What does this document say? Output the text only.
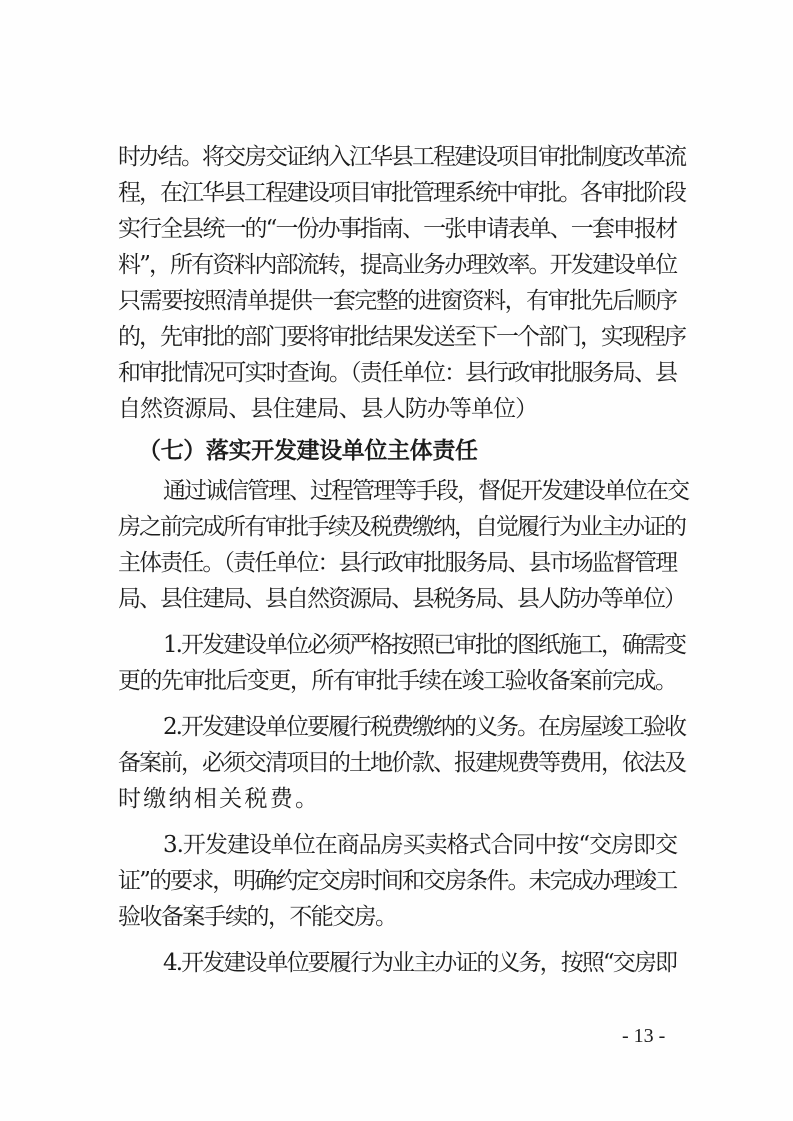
时办结。将交房交证纳入江华县工程建设项目审批制度改革流
程，在江华县工程建设项目审批管理系统中审批。各审批阶段
实行全县统一的“一份办事指南、一张申请表单、一套申报材
料”，所有资料内部流转，提高业务办理效率。开发建设单位
只需要按照清单提供一套完整的进窗资料，有审批先后顺序
的，先审批的部门要将审批结果发送至下一个部门，实现程序
和审批情况可实时查询。（责任单位：县行政审批服务局、县
自然资源局、县住建局、县人防办等单位）
（七）落实开发建设单位主体责任
通过诚信管理、过程管理等手段，督促开发建设单位在交
房之前完成所有审批手续及税费缴纳，自觉履行为业主办证的
主体责任。（责任单位：县行政审批服务局、县市场监督管理
局、县住建局、县自然资源局、县税务局、县人防办等单位）
1.开发建设单位必须严格按照已审批的图纸施工，确需变
更的先审批后变更，所有审批手续在竣工验收备案前完成。
2.开发建设单位要履行税费缴纳的义务。在房屋竣工验收
备案前，必须交清项目的土地价款、报建规费等费用，依法及
时缴纳相关税费。
3.开发建设单位在商品房买卖格式合同中按“交房即交
证”的要求，明确约定交房时间和交房条件。未完成办理竣工
验收备案手续的，不能交房。
4.开发建设单位要履行为业主办证的义务，按照“交房即
- 13 -
